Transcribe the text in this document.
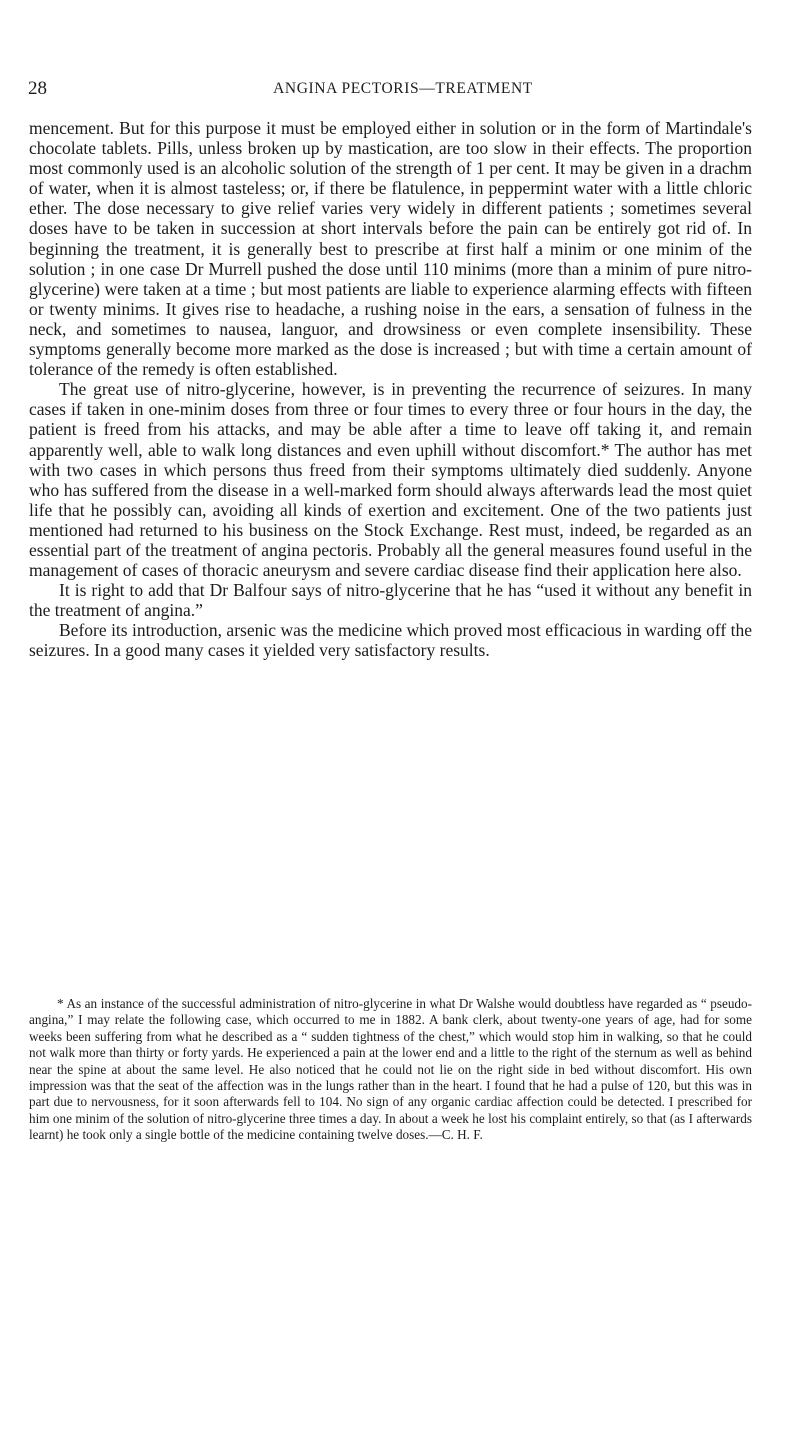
28	ANGINA PECTORIS—TREATMENT

mencement. But for this purpose it must be employed either in solution or in the form of Martindale's chocolate tablets. Pills, unless broken up by mastication, are too slow in their effects. The proportion most commonly used is an alcoholic solution of the strength of 1 per cent. It may be given in a drachm of water, when it is almost tasteless; or, if there be flatulence, in peppermint water with a little chloric ether. The dose necessary to give relief varies very widely in different patients ; sometimes several doses have to be taken in succession at short intervals before the pain can be entirely got rid of. In beginning the treatment, it is generally best to prescribe at first half a minim or one minim of the solution ; in one case Dr Murrell pushed the dose until 110 minims (more than a minim of pure nitro-glycerine) were taken at a time ; but most patients are liable to experience alarming effects with fifteen or twenty minims. It gives rise to headache, a rushing noise in the ears, a sensation of fulness in the neck, and sometimes to nausea, languor, and drowsiness or even complete insensibility. These symptoms generally become more marked as the dose is increased ; but with time a certain amount of tolerance of the remedy is often established.

The great use of nitro-glycerine, however, is in preventing the recurrence of seizures. In many cases if taken in one-minim doses from three or four times to every three or four hours in the day, the patient is freed from his attacks, and may be able after a time to leave off taking it, and remain apparently well, able to walk long distances and even uphill without discomfort.* The author has met with two cases in which persons thus freed from their symptoms ultimately died suddenly. Anyone who has suffered from the disease in a well-marked form should always afterwards lead the most quiet life that he possibly can, avoiding all kinds of exertion and excitement. One of the two patients just mentioned had returned to his business on the Stock Exchange. Rest must, indeed, be regarded as an essential part of the treatment of angina pectoris. Probably all the general measures found useful in the management of cases of thoracic aneurysm and severe cardiac disease find their application here also.

It is right to add that Dr Balfour says of nitro-glycerine that he has “used it without any benefit in the treatment of angina.”

Before its introduction, arsenic was the medicine which proved most efficacious in warding off the seizures. In a good many cases it yielded very satisfactory results.

* As an instance of the successful administration of nitro-glycerine in what Dr Walshe would doubtless have regarded as “ pseudo-angina,” I may relate the following case, which occurred to me in 1882. A bank clerk, about twenty-one years of age, had for some weeks been suffering from what he described as a “ sudden tightness of the chest,” which would stop him in walking, so that he could not walk more than thirty or forty yards. He experienced a pain at the lower end and a little to the right of the sternum as well as behind near the spine at about the same level. He also noticed that he could not lie on the right side in bed without discomfort. His own impression was that the seat of the affection was in the lungs rather than in the heart. I found that he had a pulse of 120, but this was in part due to nervousness, for it soon afterwards fell to 104. No sign of any organic cardiac affection could be detected. I prescribed for him one minim of the solution of nitro-glycerine three times a day. In about a week he lost his complaint entirely, so that (as I afterwards learnt) he took only a single bottle of the medicine containing twelve doses.—C. H. F.
